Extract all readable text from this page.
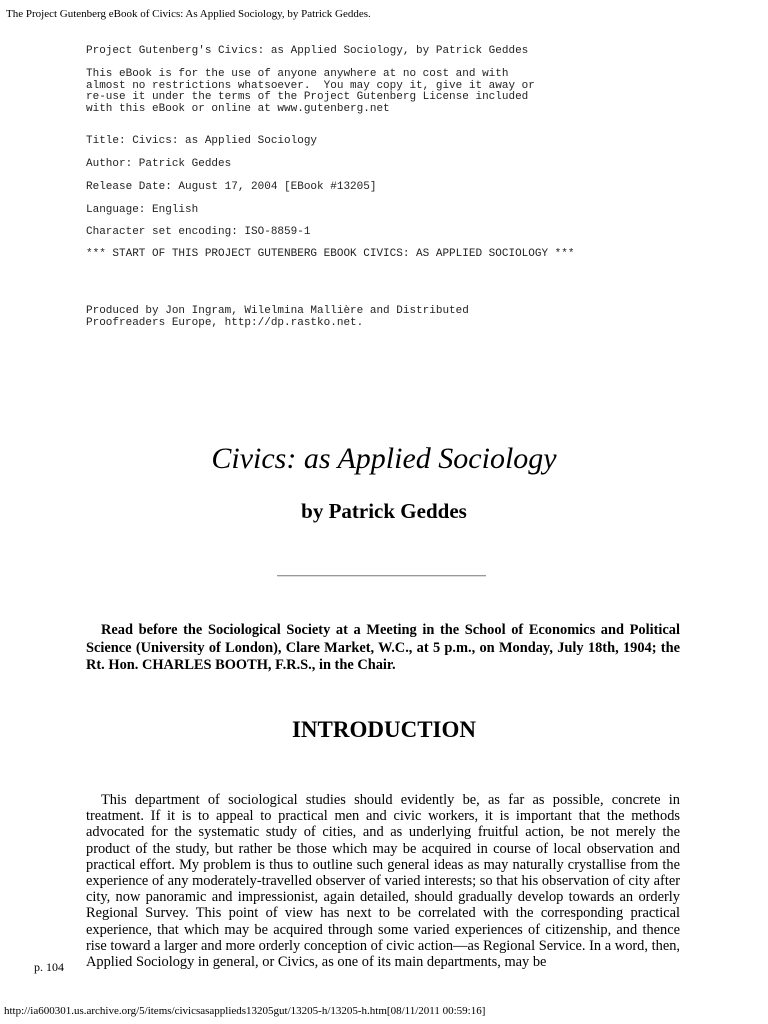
The Project Gutenberg eBook of Civics: As Applied Sociology, by Patrick Geddes.
Project Gutenberg's Civics: as Applied Sociology, by Patrick Geddes
This eBook is for the use of anyone anywhere at no cost and with
almost no restrictions whatsoever.  You may copy it, give it away or
re-use it under the terms of the Project Gutenberg License included
with this eBook or online at www.gutenberg.net
Title: Civics: as Applied Sociology
Author: Patrick Geddes
Release Date: August 17, 2004 [EBook #13205]
Language: English
Character set encoding: ISO-8859-1
*** START OF THIS PROJECT GUTENBERG EBOOK CIVICS: AS APPLIED SOCIOLOGY ***
Produced by Jon Ingram, Wilelmina Mallière and Distributed
Proofreaders Europe, http://dp.rastko.net.
Civics: as Applied Sociology
by Patrick Geddes
Read before the Sociological Society at a Meeting in the School of Economics and Political Science (University of London), Clare Market, W.C., at 5 p.m., on Monday, July 18th, 1904; the Rt. Hon. CHARLES BOOTH, F.R.S., in the Chair.
INTRODUCTION
This department of sociological studies should evidently be, as far as possible, concrete in treatment. If it is to appeal to practical men and civic workers, it is important that the methods advocated for the systematic study of cities, and as underlying fruitful action, be not merely the product of the study, but rather be those which may be acquired in course of local observation and practical effort. My problem is thus to outline such general ideas as may naturally crystallise from the experience of any moderately-travelled observer of varied interests; so that his observation of city after city, now panoramic and impressionist, again detailed, should gradually develop towards an orderly Regional Survey. This point of view has next to be correlated with the corresponding practical experience, that which may be acquired through some varied experiences of citizenship, and thence rise toward a larger and more orderly conception of civic action—as Regional Service. In a word, then, Applied Sociology in general, or Civics, as one of its main departments, may be
p. 104
http://ia600301.us.archive.org/5/items/civicsasapplieds13205gut/13205-h/13205-h.htm[08/11/2011 00:59:16]
